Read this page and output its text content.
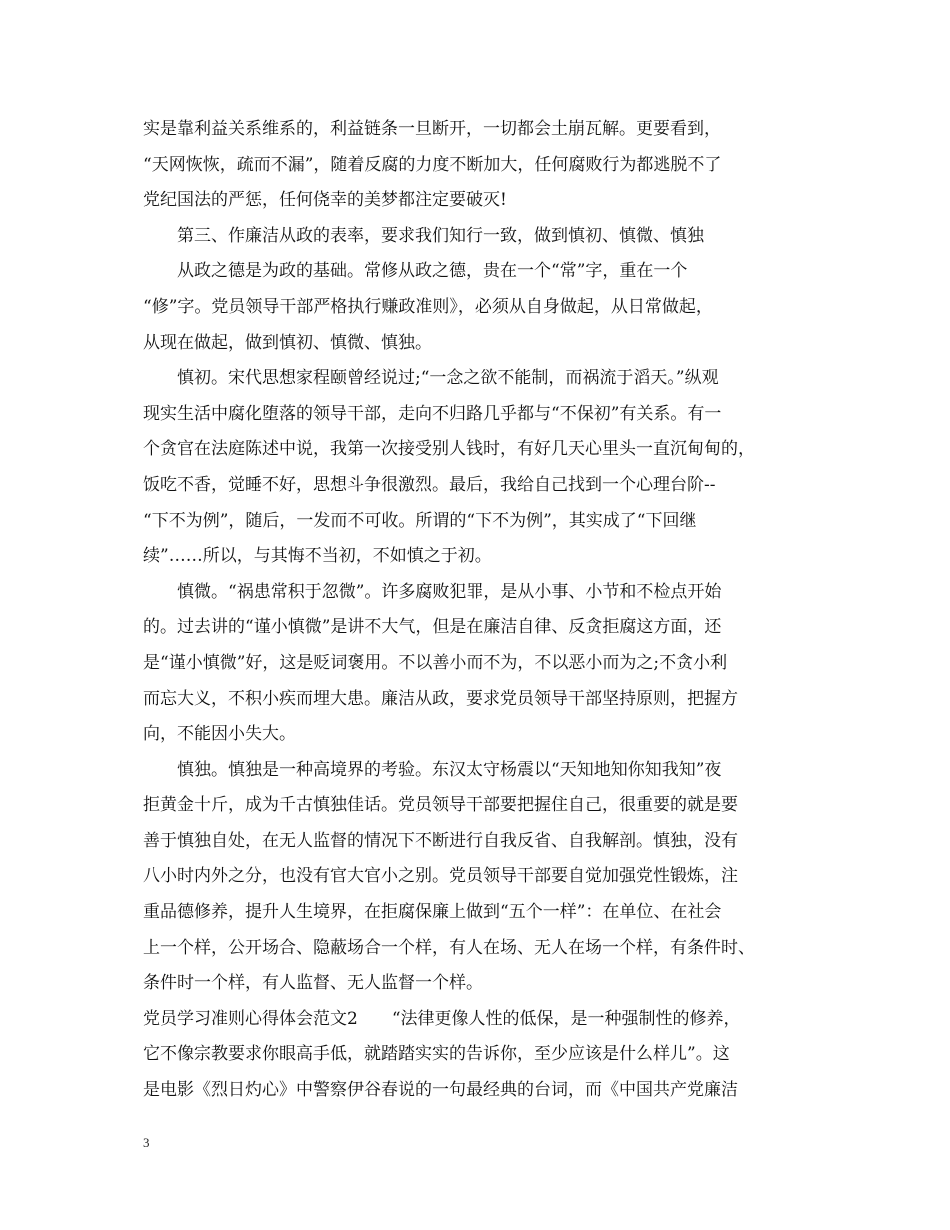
实是靠利益关系维系的，利益链条一旦断开，一切都会土崩瓦解。更要看到，
“天网恢恢，疏而不漏”，随着反腐的力度不断加大，任何腐败行为都逃脱不了
党纪国法的严惩，任何侥幸的美梦都注定要破灭!
　　第三、作廉洁从政的表率，要求我们知行一致，做到慎初、慎微、慎独
　　从政之德是为政的基础。常修从政之德，贵在一个“常”字，重在一个
“修”字。党员领导干部严格执行赚政准则》，必须从自身做起，从日常做起，
从现在做起，做到慎初、慎微、慎独。
　　慎初。宋代思想家程颐曾经说过;“一念之欲不能制，而祸流于滔天。”纵观
现实生活中腐化堕落的领导干部，走向不归路几乎都与“不保初”有关系。有一
个贪官在法庭陈述中说，我第一次接受别人钱时，有好几天心里头一直沉甸甸的，
饭吃不香，觉睡不好，思想斗争很激烈。最后，我给自己找到一个心理台阶--
“下不为例”，随后，一发而不可收。所谓的“下不为例”，其实成了“下回继
续”……所以，与其悔不当初，不如慎之于初。
　　慎微。“祸患常积于忽微”。许多腐败犯罪，是从小事、小节和不检点开始
的。过去讲的“谨小慎微”是讲不大气，但是在廉洁自律、反贪拒腐这方面，还
是“谨小慎微”好，这是贬词褒用。不以善小而不为，不以恶小而为之;不贪小利
而忘大义，不积小疾而埋大患。廉洁从政，要求党员领导干部坚持原则，把握方
向，不能因小失大。
　　慎独。慎独是一种高境界的考验。东汉太守杨震以“天知地知你知我知”夜
拒黄金十斤，成为千古慎独佳话。党员领导干部要把握住自己，很重要的就是要
善于慎独自处，在无人监督的情况下不断进行自我反省、自我解剖。慎独，没有
八小时内外之分，也没有官大官小之别。党员领导干部要自觉加强党性锻炼，注
重品德修养，提升人生境界，在拒腐保廉上做到“五个一样”：在单位、在社会
上一个样，公开场合、隐蔽场合一个样，有人在场、无人在场一个样，有条件时、
条件时一个样，有人监督、无人监督一个样。
党员学习准则心得体会范文2　　“法律更像人性的低保，是一种强制性的修养，
它不像宗教要求你眼高手低，就踏踏实实的告诉你，至少应该是什么样儿”。这
是电影《烈日灼心》中警察伊谷春说的一句最经典的台词，而《中国共产党廉洁
3
